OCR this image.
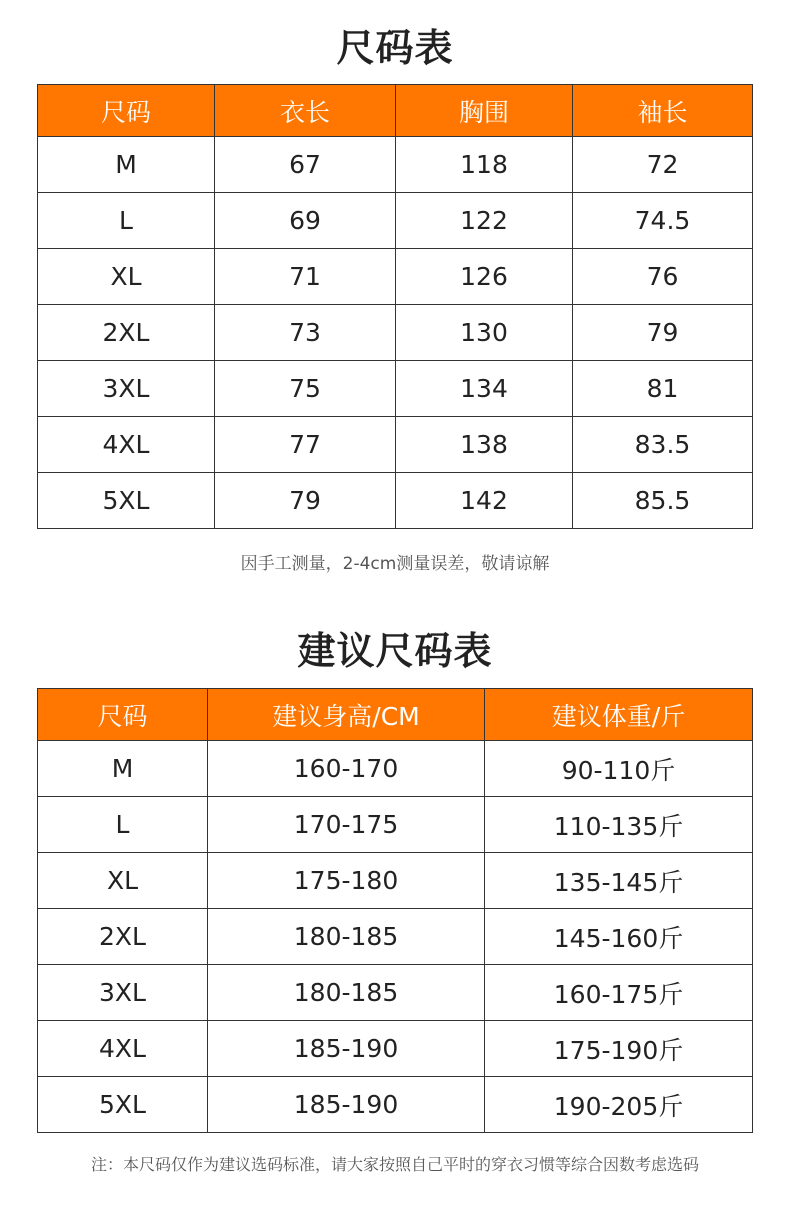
尺码表
尺码	衣长	胸围	袖长
M	67	118	72
L	69	122	74.5
XL	71	126	76
2XL	73	130	79
3XL	75	134	81
4XL	77	138	83.5
5XL	79	142	85.5
因手工测量，2-4cm测量误差，敬请谅解
建议尺码表
尺码	建议身高/CM	建议体重/斤
M	160-170	90-110斤
L	170-175	110-135斤
XL	175-180	135-145斤
2XL	180-185	145-160斤
3XL	180-185	160-175斤
4XL	185-190	175-190斤
5XL	185-190	190-205斤
注：本尺码仅作为建议选码标准，请大家按照自己平时的穿衣习惯等综合因数考虑选码
